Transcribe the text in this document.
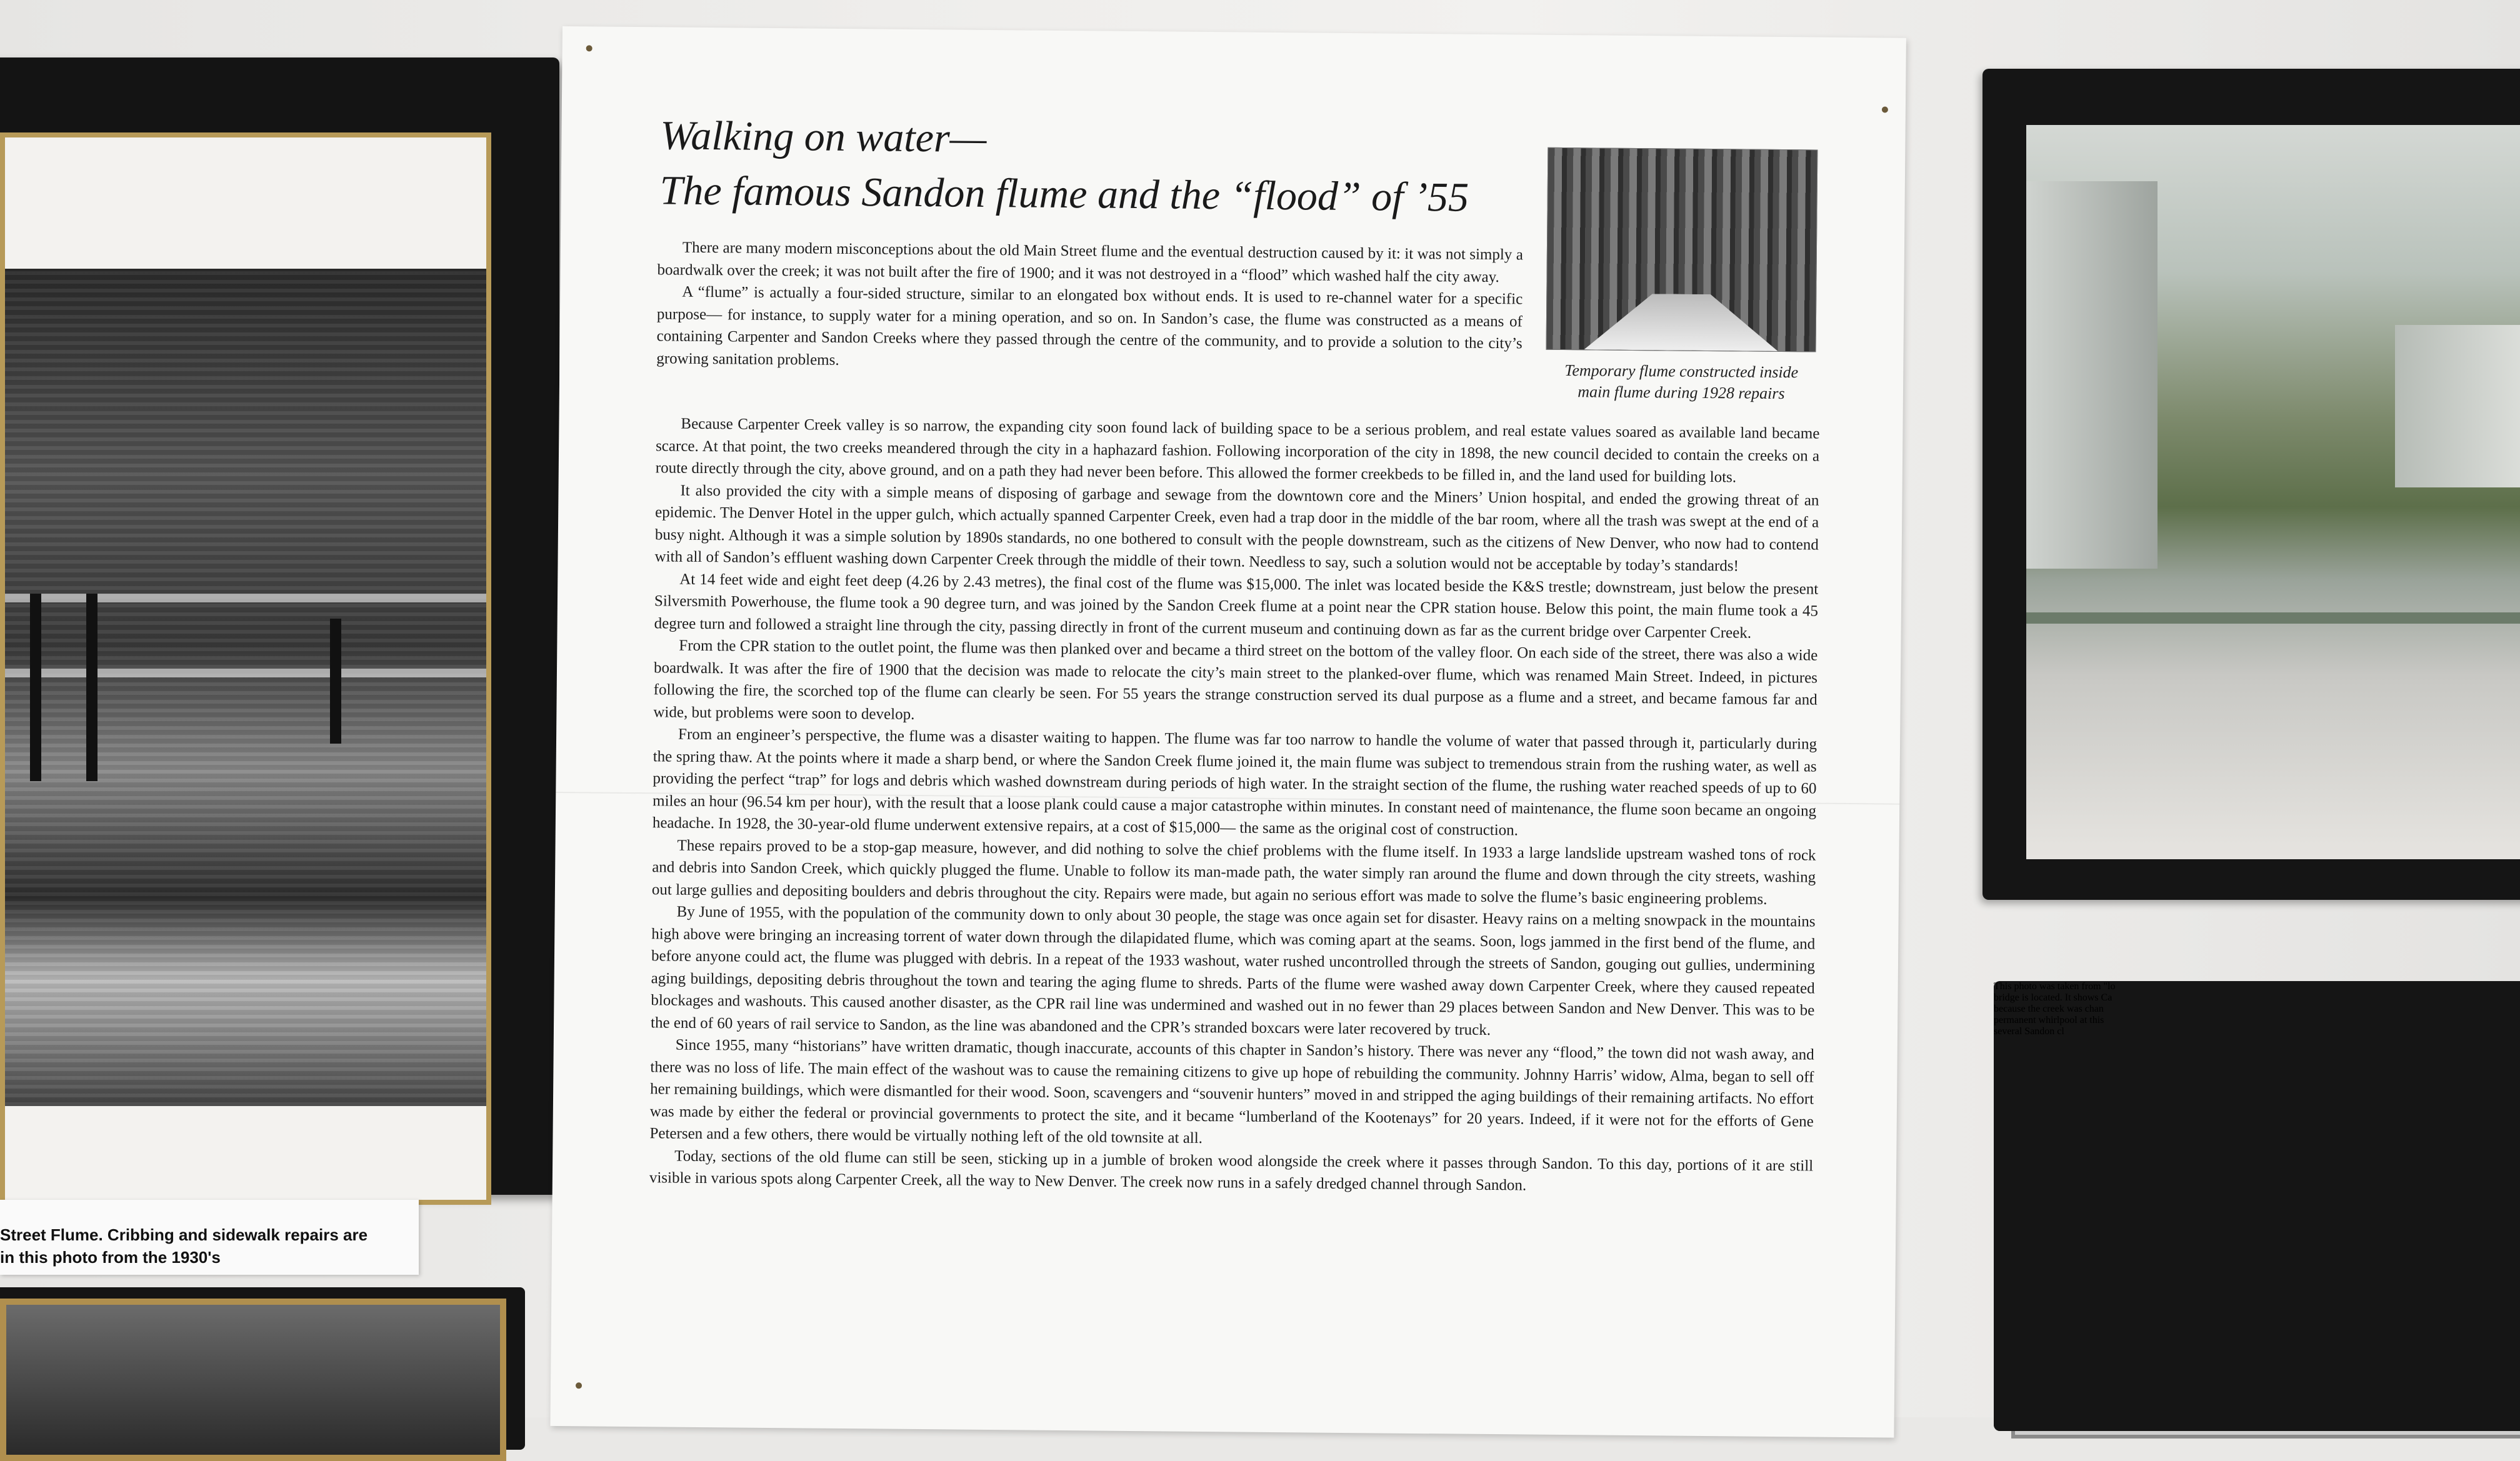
Street Flume. Cribbing and sidewalk repairs are
in this photo from the 1930's
Walking on water—
The famous Sandon flume and the “flood” of ’55
Temporary flume constructed inside
main flume during 1928 repairs

There are many modern misconceptions about the old Main Street flume and the eventual destruction caused by it: it was not simply a boardwalk over the creek; it was not built after the fire of 1900; and it was not destroyed in a “flood” which washed half the city away.

A “flume” is actually a four-sided structure, similar to an elongated box without ends. It is used to re-channel water for a specific purpose— for instance, to supply water for a mining operation, and so on. In Sandon’s case, the flume was constructed as a means of containing Carpenter and Sandon Creeks where they passed through the centre of the community, and to provide a solution to the city’s growing sanitation problems.

Because Carpenter Creek valley is so narrow, the expanding city soon found lack of building space to be a serious problem, and real estate values soared as available land became scarce. At that point, the two creeks meandered through the city in a haphazard fashion. Following incorporation of the city in 1898, the new council decided to contain the creeks on a route directly through the city, above ground, and on a path they had never been before. This allowed the former creekbeds to be filled in, and the land used for building lots.

It also provided the city with a simple means of disposing of garbage and sewage from the downtown core and the Miners’ Union hospital, and ended the growing threat of an epidemic. The Denver Hotel in the upper gulch, which actually spanned Carpenter Creek, even had a trap door in the middle of the bar room, where all the trash was swept at the end of a busy night. Although it was a simple solution by 1890s standards, no one bothered to consult with the people downstream, such as the citizens of New Denver, who now had to contend with all of Sandon’s effluent washing down Carpenter Creek through the middle of their town. Needless to say, such a solution would not be acceptable by today’s standards!

At 14 feet wide and eight feet deep (4.26 by 2.43 metres), the final cost of the flume was $15,000. The inlet was located beside the K&S trestle; downstream, just below the present Silversmith Powerhouse, the flume took a 90 degree turn, and was joined by the Sandon Creek flume at a point near the CPR station house. Below this point, the main flume took a 45 degree turn and followed a straight line through the city, passing directly in front of the current museum and continuing down as far as the current bridge over Carpenter Creek.

From the CPR station to the outlet point, the flume was then planked over and became a third street on the bottom of the valley floor. On each side of the street, there was also a wide boardwalk. It was after the fire of 1900 that the decision was made to relocate the city’s main street to the planked-over flume, which was renamed Main Street. Indeed, in pictures following the fire, the scorched top of the flume can clearly be seen. For 55 years the strange construction served its dual purpose as a flume and a street, and became famous far and wide, but problems were soon to develop.

From an engineer’s perspective, the flume was a disaster waiting to happen. The flume was far too narrow to handle the volume of water that passed through it, particularly during the spring thaw. At the points where it made a sharp bend, or where the Sandon Creek flume joined it, the main flume was subject to tremendous strain from the rushing water, as well as providing the perfect “trap” for logs and debris which washed downstream during periods of high water. In the straight section of the flume, the rushing water reached speeds of up to 60 miles an hour (96.54 km per hour), with the result that a loose plank could cause a major catastrophe within minutes. In constant need of maintenance, the flume soon became an ongoing headache. In 1928, the 30-year-old flume underwent extensive repairs, at a cost of $15,000— the same as the original cost of construction.

These repairs proved to be a stop-gap measure, however, and did nothing to solve the chief problems with the flume itself. In 1933 a large landslide upstream washed tons of rock and debris into Sandon Creek, which quickly plugged the flume. Unable to follow its man-made path, the water simply ran around the flume and down through the city streets, washing out large gullies and depositing boulders and debris throughout the city. Repairs were made, but again no serious effort was made to solve the flume’s basic engineering problems.

By June of 1955, with the population of the community down to only about 30 people, the stage was once again set for disaster. Heavy rains on a melting snowpack in the mountains high above were bringing an increasing torrent of water down through the dilapidated flume, which was coming apart at the seams. Soon, logs jammed in the first bend of the flume, and before anyone could act, the flume was plugged with debris. In a repeat of the 1933 washout, water rushed uncontrolled through the streets of Sandon, gouging out gullies, undermining aging buildings, depositing debris throughout the town and tearing the aging flume to shreds. Parts of the flume were washed away down Carpenter Creek, where they caused repeated blockages and washouts. This caused another disaster, as the CPR rail line was undermined and washed out in no fewer than 29 places between Sandon and New Denver. This was to be the end of 60 years of rail service to Sandon, as the line was abandoned and the CPR’s stranded boxcars were later recovered by truck.

Since 1955, many “historians” have written dramatic, though inaccurate, accounts of this chapter in Sandon’s history. There was never any “flood,” the town did not wash away, and there was no loss of life. The main effect of the washout was to cause the remaining citizens to give up hope of rebuilding the community. Johnny Harris’ widow, Alma, began to sell off her remaining buildings, which were dismantled for their wood. Soon, scavengers and “souvenir hunters” moved in and stripped the aging buildings of their remaining artifacts. No effort was made by either the federal or provincial governments to protect the site, and it became “lumberland of the Kootenays” for 20 years. Indeed, if it were not for the efforts of Gene Petersen and a few others, there would be virtually nothing left of the old townsite at all.

Today, sections of the old flume can still be seen, sticking up in a jumble of broken wood alongside the creek where it passes through Sandon. To this day, portions of it are still visible in various spots along Carpenter Creek, all the way to New Denver. The creek now runs in a safely dredged channel through Sandon.

This photo was taken from "lo
bridge is located. It shows Ca
because the creek was chan
permanent whirlpool at this
several Sandon cl
